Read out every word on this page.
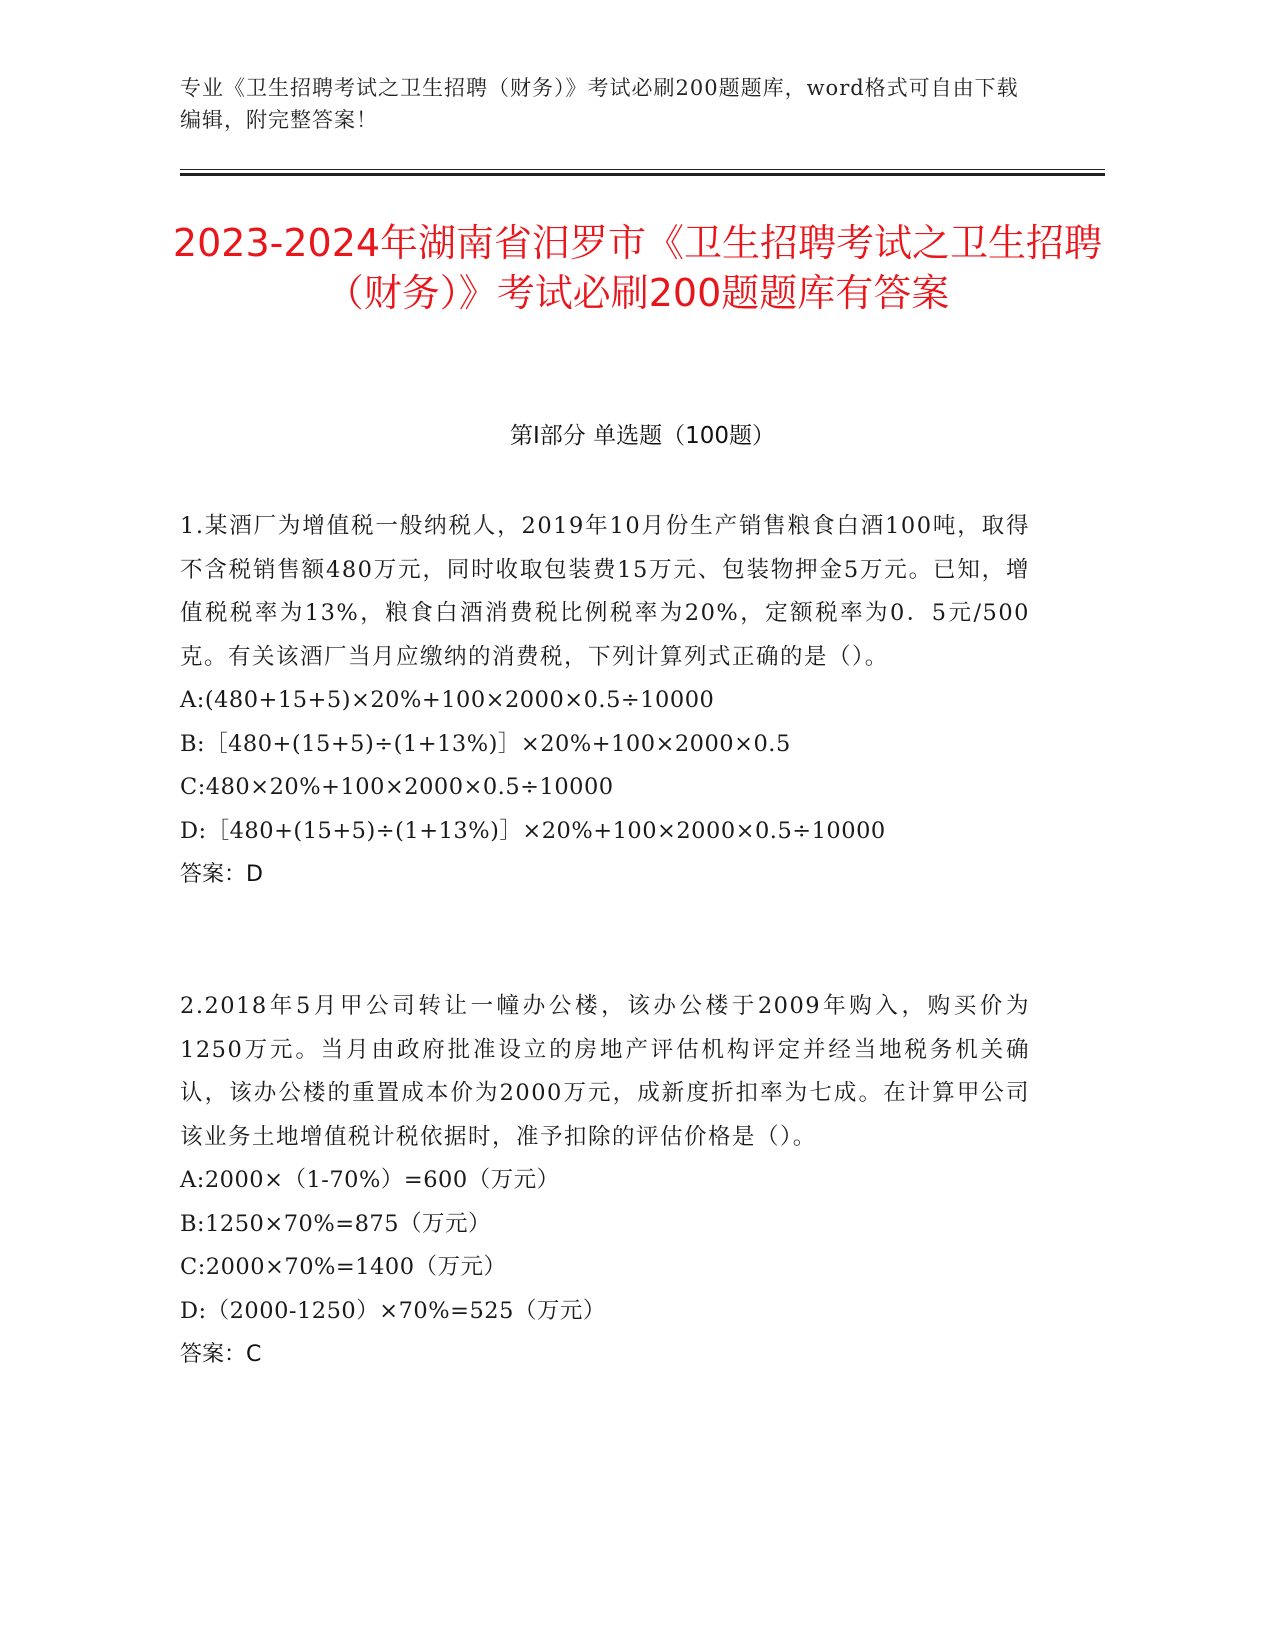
专业《卫生招聘考试之卫生招聘（财务）》考试必刷200题题库，word格式可自由下载编辑，附完整答案！
2023-2024年湖南省汨罗市《卫生招聘考试之卫生招聘（财务）》考试必刷200题题库有答案
第Ⅰ部分 单选题（100题）

1.某酒厂为增值税一般纳税人，2019年10月份生产销售粮食白酒100吨，取得不含税销售额480万元，同时收取包装费15万元、包装物押金5万元。已知，增值税税率为13%，粮食白酒消费税比例税率为20%，定额税率为0．5元/500克。有关该酒厂当月应缴纳的消费税，下列计算列式正确的是（）。

A:(480+15+5)×20%+100×2000×0.5÷10000
B:［480+(15+5)÷(1+13%)］×20%+100×2000×0.5
C:480×20%+100×2000×0.5÷10000
D:［480+(15+5)÷(1+13%)］×20%+100×2000×0.5÷10000
答案：D

2.2018年5月甲公司转让一幢办公楼，该办公楼于2009年购入，购买价为1250万元。当月由政府批准设立的房地产评估机构评定并经当地税务机关确认，该办公楼的重置成本价为2000万元，成新度折扣率为七成。在计算甲公司该业务土地增值税计税依据时，准予扣除的评估价格是（）。

A:2000×（1-70%）=600（万元）
B:1250×70%=875（万元）
C:2000×70%=1400（万元）
D:（2000-1250）×70%=525（万元）
答案：C
